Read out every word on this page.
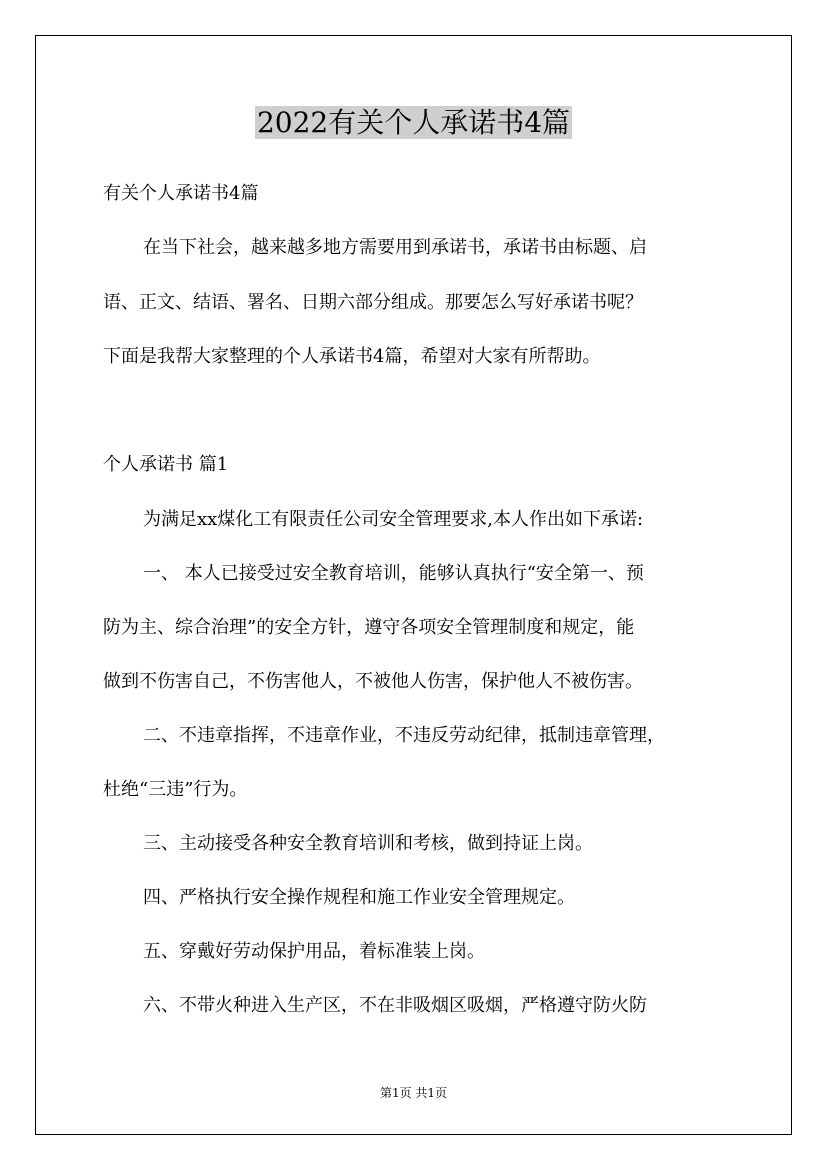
2022有关个人承诺书4篇
有关个人承诺书4篇
在当下社会，越来越多地方需要用到承诺书，承诺书由标题、启
语、正文、结语、署名、日期六部分组成。那要怎么写好承诺书呢？
下面是我帮大家整理的个人承诺书4篇，希望对大家有所帮助。
个人承诺书 篇1
为满足xx煤化工有限责任公司安全管理要求,本人作出如下承诺:
一、 本人已接受过安全教育培训，能够认真执行“安全第一、预
防为主、综合治理”的安全方针，遵守各项安全管理制度和规定，能
做到不伤害自己，不伤害他人，不被他人伤害，保护他人不被伤害。
二、不违章指挥，不违章作业，不违反劳动纪律，抵制违章管理，
杜绝“三违”行为。
三、主动接受各种安全教育培训和考核，做到持证上岗。
四、严格执行安全操作规程和施工作业安全管理规定。
五、穿戴好劳动保护用品，着标准装上岗。
六、不带火种进入生产区，不在非吸烟区吸烟，严格遵守防火防
第1页 共1页
